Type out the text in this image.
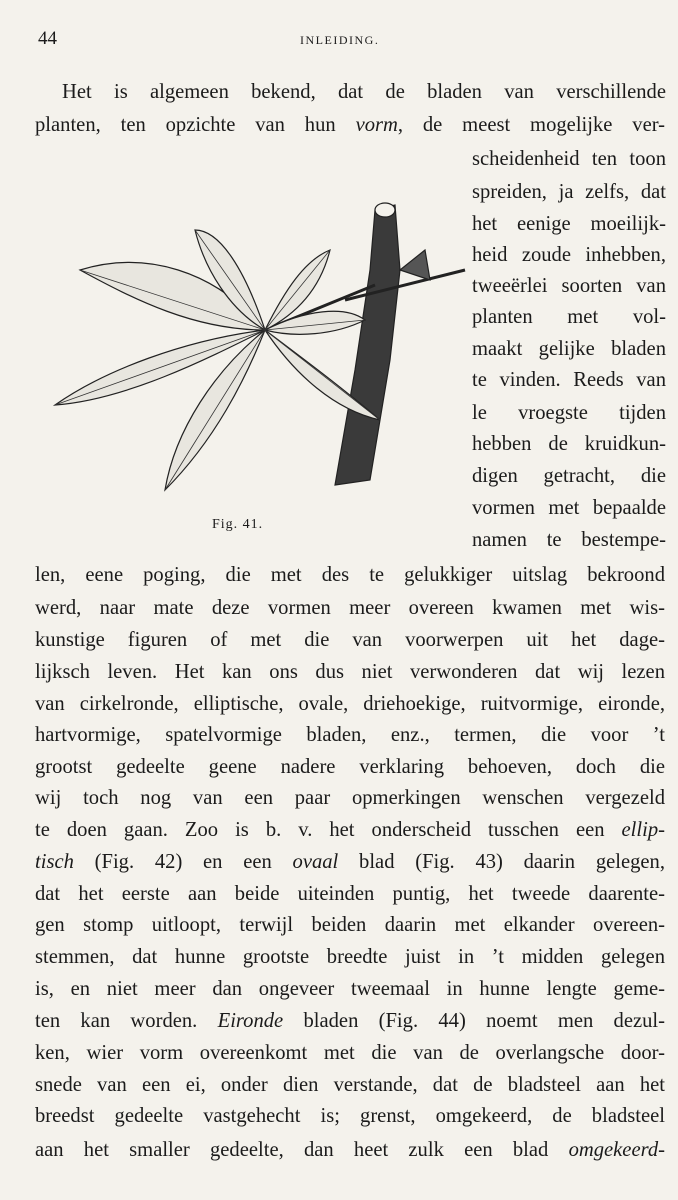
44	INLEIDING.
Fig. 41.
Het is algemeen bekend, dat de bladen van verschillende
planten, ten opzichte van hun vorm, de meest mogelijke ver-
scheidenheid ten toon
spreiden, ja zelfs, dat
het eenige moeilijk-
heid zoude inhebben,
tweeërlei soorten van
planten met vol-
maakt gelijke bladen
te vinden. Reeds van
le vroegste tijden
hebben de kruidkun-
digen getracht, die
vormen met bepaalde
namen te bestempe-
len, eene poging, die met des te gelukkiger uitslag bekroond
werd, naar mate deze vormen meer overeen kwamen met wis-
kunstige figuren of met die van voorwerpen uit het dage-
lijksch leven. Het kan ons dus niet verwonderen dat wij lezen
van cirkelronde, elliptische, ovale, driehoekige, ruitvormige, eironde,
hartvormige, spatelvormige bladen, enz., termen, die voor ’t
grootst gedeelte geene nadere verklaring behoeven, doch die
wij toch nog van een paar opmerkingen wenschen vergezeld
te doen gaan. Zoo is b. v. het onderscheid tusschen een ellip-
tisch (Fig. 42) en een ovaal blad (Fig. 43) daarin gelegen,
dat het eerste aan beide uiteinden puntig, het tweede daarente-
gen stomp uitloopt, terwijl beiden daarin met elkander overeen-
stemmen, dat hunne grootste breedte juist in ’t midden gelegen
is, en niet meer dan ongeveer tweemaal in hunne lengte geme-
ten kan worden. Eironde bladen (Fig. 44) noemt men dezul-
ken, wier vorm overeenkomt met die van de overlangsche door-
snede van een ei, onder dien verstande, dat de bladsteel aan het
breedst gedeelte vastgehecht is; grenst, omgekeerd, de bladsteel
aan het smaller gedeelte, dan heet zulk een blad omgekeerd-
